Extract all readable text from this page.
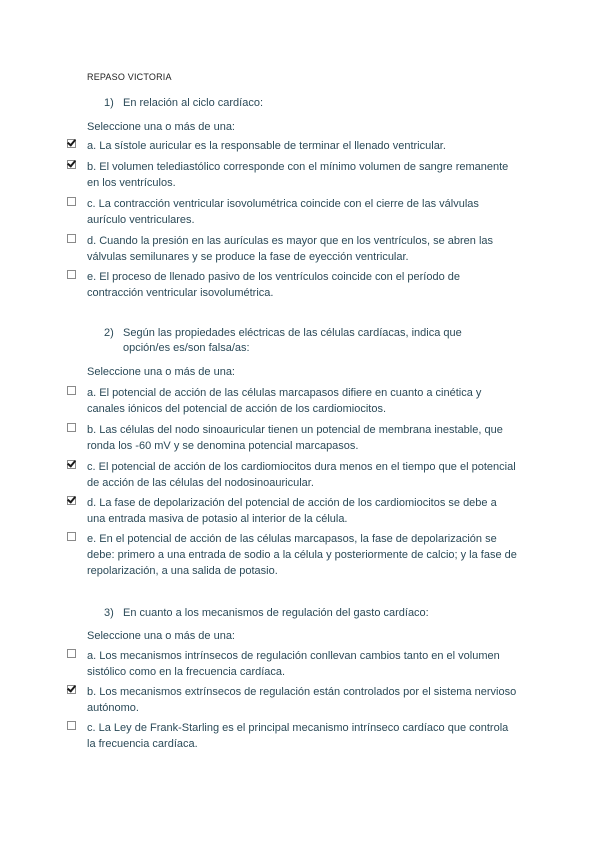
REPASO VICTORIA
1) En relación al ciclo cardíaco:
Seleccione una o más de una:
a. La sístole auricular es la responsable de terminar el llenado ventricular.
b. El volumen telediastólico corresponde con el mínimo volumen de sangre remanente en los ventrículos.
c. La contracción ventricular isovolumétrica coincide con el cierre de las válvulas aurículo ventriculares.
d. Cuando la presión en las aurículas es mayor que en los ventrículos, se abren las válvulas semilunares y se produce la fase de eyección ventricular.
e. El proceso de llenado pasivo de los ventrículos coincide con el período de contracción ventricular isovolumétrica.
2) Según las propiedades eléctricas de las células cardíacas, indica que opción/es es/son falsa/as:
Seleccione una o más de una:
a. El potencial de acción de las células marcapasos difiere en cuanto a cinética y canales iónicos del potencial de acción de los cardiomiocitos.
b. Las células del nodo sinoauricular tienen un potencial de membrana inestable, que ronda los -60 mV y se denomina potencial marcapasos.
c. El potencial de acción de los cardiomiocitos dura menos en el tiempo que el potencial de acción de las células del nodosinoauricular.
d. La fase de depolarización del potencial de acción de los cardiomiocitos se debe a una entrada masiva de potasio al interior de la célula.
e. En el potencial de acción de las células marcapasos, la fase de depolarización se debe: primero a una entrada de sodio a la célula y posteriormente de calcio; y la fase de repolarización, a una salida de potasio.
3) En cuanto a los mecanismos de regulación del gasto cardíaco:
Seleccione una o más de una:
a. Los mecanismos intrínsecos de regulación conllevan cambios tanto en el volumen sistólico como en la frecuencia cardíaca.
b. Los mecanismos extrínsecos de regulación están controlados por el sistema nervioso autónomo.
c. La Ley de Frank-Starling es el principal mecanismo intrínseco cardíaco que controla la frecuencia cardíaca.
